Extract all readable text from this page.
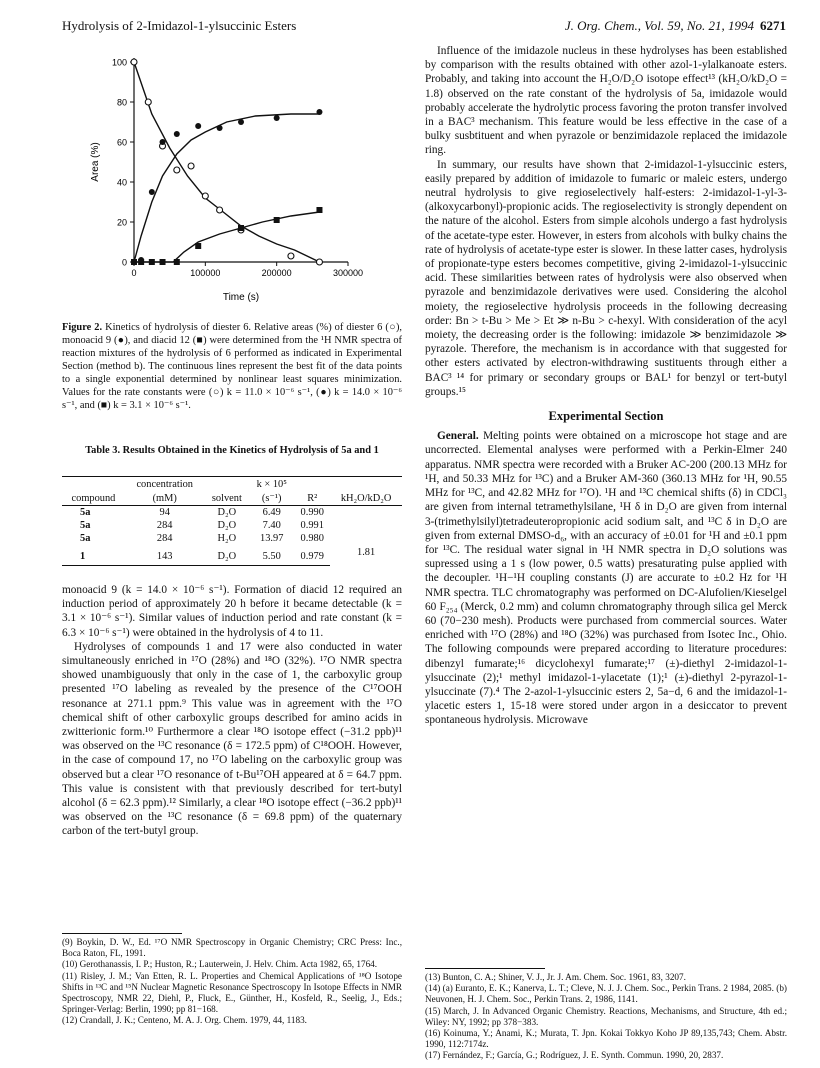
Hydrolysis of 2-Imidazol-1-ylsuccinic Esters	J. Org. Chem., Vol. 59, No. 21, 1994 6271
0
20
40
60
80
100
0	100000	200000	300000
Time (s)
Area (%)
Figure 2. Kinetics of hydrolysis of diester 6. Relative areas (%) of diester 6 (○), monoacid 9 (●), and diacid 12 (■) were determined from the ¹H NMR spectra of reaction mixtures of the hydrolysis of 6 performed as indicated in Experimental Section (method b). The continuous lines represent the best fit of the data points to a single exponential determined by nonlinear least squares minimization. Values for the rate constants were (○) k = 11.0 × 10⁻⁶ s⁻¹, (●) k = 14.0 × 10⁻⁶ s⁻¹, and (■) k = 3.1 × 10⁻⁶ s⁻¹.
Table 3. Results Obtained in the Kinetics of Hydrolysis of 5a and 1
	concentration		k × 10⁵		
compound	(mM)	solvent	(s⁻¹)	R²	kH₂O/kD₂O
5a	94	D₂O	6.49	0.990	
5a	284	D₂O	7.40	0.991	
5a	284	H₂O	13.97	0.980	1.81
1	143	D₂O	5.50	0.979	

monoacid 9 (k = 14.0 × 10⁻⁶ s⁻¹). Formation of diacid 12 required an induction period of approximately 20 h before it became detectable (k = 3.1 × 10⁻⁶ s⁻¹). Similar values of induction period and rate constant (k = 6.3 × 10⁻⁶ s⁻¹) were obtained in the hydrolysis of 4 to 11.

Hydrolyses of compounds 1 and 17 were also conducted in water simultaneously enriched in ¹⁷O (28%) and ¹⁸O (32%). ¹⁷O NMR spectra showed unambiguously that only in the case of 1, the carboxylic group presented ¹⁷O labeling as revealed by the presence of the C¹⁷OOH resonance at 271.1 ppm.⁹ This value was in agreement with the ¹⁷O chemical shift of other carboxylic groups described for amino acids in zwitterionic form.¹⁰ Furthermore a clear ¹⁸O isotope effect (−31.2 ppb)¹¹ was observed on the ¹³C resonance (δ = 172.5 ppm) of C¹⁸OOH. However, in the case of compound 17, no ¹⁷O labeling on the carboxylic group was observed but a clear ¹⁷O resonance of t-Bu¹⁷OH appeared at δ = 64.7 ppm. This value is consistent with that previously described for tert-butyl alcohol (δ = 62.3 ppm).¹² Similarly, a clear ¹⁸O isotope effect (−36.2 ppb)¹¹ was observed on the ¹³C resonance (δ = 69.8 ppm) of the quaternary carbon of the tert-butyl group.

(9) Boykin, D. W., Ed. ¹⁷O NMR Spectroscopy in Organic Chemistry; CRC Press: Inc., Boca Raton, FL, 1991.
(10) Gerothanassis, I. P.; Huston, R.; Lauterwein, J. Helv. Chim. Acta 1982, 65, 1764.
(11) Risley, J. M.; Van Etten, R. L. Properties and Chemical Applications of ¹⁸O Isotope Shifts in ¹³C and ¹⁵N Nuclear Magnetic Resonance Spectroscopy In Isotope Effects in NMR Spectroscopy, NMR 22, Diehl, P., Fluck, E., Günther, H., Kosfeld, R., Seelig, J., Eds.; Springer-Verlag: Berlin, 1990; pp 81−168.
(12) Crandall, J. K.; Centeno, M. A. J. Org. Chem. 1979, 44, 1183.

Influence of the imidazole nucleus in these hydrolyses has been established by comparison with the results obtained with other azol-1-ylalkanoate esters. Probably, and taking into account the H₂O/D₂O isotope effect¹³ (kH₂O/kD₂O = 1.8) observed on the rate constant of the hydrolysis of 5a, imidazole would probably accelerate the hydrolytic process favoring the proton transfer involved in a BAC³ mechanism. This feature would be less effective in the case of a bulky susbtituent and when pyrazole or benzimidazole replaced the imidazole ring.

In summary, our results have shown that 2-imidazol-1-ylsuccinic esters, easily prepared by addition of imidazole to fumaric or maleic esters, undergo neutral hydrolysis to give regioselectively half-esters: 2-imidazol-1-yl-3-(alkoxycarbonyl)-propionic acids. The regioselectivity is strongly dependent on the nature of the alcohol. Esters from simple alcohols undergo a fast hydrolysis of the acetate-type ester. However, in esters from alcohols with bulky chains the rate of hydrolysis of acetate-type ester is slower. In these latter cases, hydrolysis of propionate-type esters becomes competitive, giving 2-imidazol-1-ylsuccinic acid. These similarities between rates of hydrolysis were also observed when pyrazole and benzimidazole derivatives were used. Considering the alcohol moiety, the regioselective hydrolysis proceeds in the following decreasing order: Bn > t-Bu > Me > Et ≫ n-Bu > c-hexyl. With consideration of the acyl moiety, the decreasing order is the following: imidazole ≫ benzimidazole ≫ pyrazole. Therefore, the mechanism is in accordance with that suggested for other esters activated by electron-withdrawing sustituents through either a BAC³ ¹⁴ for primary or secondary groups or BAL¹ for benzyl or tert-butyl groups.¹⁵

Experimental Section

General. Melting points were obtained on a microscope hot stage and are uncorrected. Elemental analyses were performed with a Perkin-Elmer 240 apparatus. NMR spectra were recorded with a Bruker AC-200 (200.13 MHz for ¹H, and 50.33 MHz for ¹³C) and a Bruker AM-360 (360.13 MHz for ¹H, 90.55 MHz for ¹³C, and 42.82 MHz for ¹⁷O). ¹H and ¹³C chemical shifts (δ) in CDCl₃ are given from internal tetramethylsilane, ¹H δ in D₂O are given from internal 3-(trimethylsilyl)tetradeuteropropionic acid sodium salt, and ¹³C δ in D₂O are given from external DMSO-d₆, with an accuracy of ±0.01 for ¹H and ±0.1 ppm for ¹³C. The residual water signal in ¹H NMR spectra in D₂O solutions was supressed using a 1 s (low power, 0.5 watts) presaturating pulse applied with the decoupler. ¹H−¹H coupling constants (J) are accurate to ±0.2 Hz for ¹H NMR spectra. TLC chromatography was performed on DC-Alufolien/Kieselgel 60 F₂₅₄ (Merck, 0.2 mm) and column chromatography through silica gel Merck 60 (70−230 mesh). Products were purchased from commercial sources. Water enriched with ¹⁷O (28%) and ¹⁸O (32%) was purchased from Isotec Inc., Ohio. The following compounds were prepared according to literature procedures: dibenzyl fumarate;¹⁶ dicyclohexyl fumarate;¹⁷ (±)-diethyl 2-imidazol-1-ylsuccinate (2);¹ methyl imidazol-1-ylacetate (1);¹ (±)-diethyl 2-pyrazol-1-ylsuccinate (7).⁴ The 2-azol-1-ylsuccinic esters 2, 5a−d, 6 and the imidazol-1-ylacetic esters 1, 15-18 were stored under argon in a desiccator to prevent spontaneous hydrolysis. Microwave

(13) Bunton, C. A.; Shiner, V. J., Jr. J. Am. Chem. Soc. 1961, 83, 3207.
(14) (a) Euranto, E. K.; Kanerva, L. T.; Cleve, N. J. J. Chem. Soc., Perkin Trans. 2 1984, 2085. (b) Neuvonen, H. J. Chem. Soc., Perkin Trans. 2, 1986, 1141.
(15) March, J. In Advanced Organic Chemistry. Reactions, Mechanisms, and Structure, 4th ed.; Wiley: NY, 1992; pp 378−383.
(16) Koinuma, Y.; Anami, K.; Murata, T. Jpn. Kokai Tokkyo Koho JP 89,135,743; Chem. Abstr. 1990, 112:7174z.
(17) Fernández, F.; García, G.; Rodríguez, J. E. Synth. Commun. 1990, 20, 2837.
